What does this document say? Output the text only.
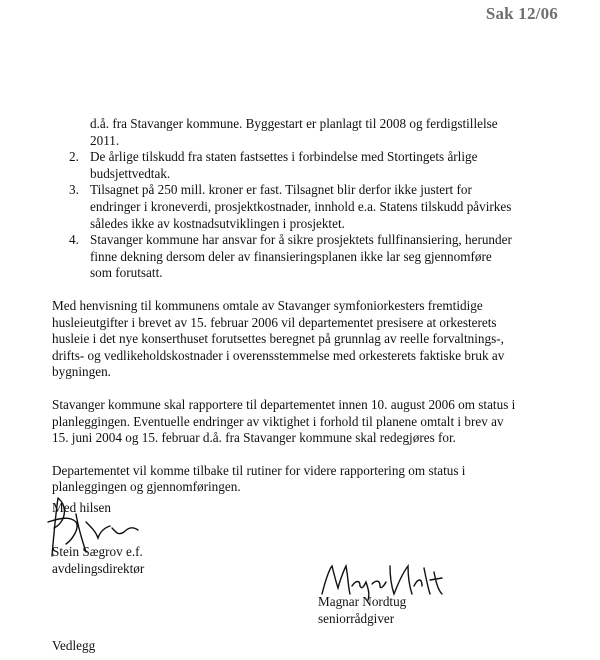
Sak 12/06
d.å. fra Stavanger kommune. Byggestart er planlagt til 2008 og ferdigstillelse
2011.
2. De årlige tilskudd fra staten fastsettes i forbindelse med Stortingets årlige
budsjettvedtak.
3. Tilsagnet på 250 mill. kroner er fast. Tilsagnet blir derfor ikke justert for
endringer i kroneverdi, prosjektkostnader, innhold e.a. Statens tilskudd påvirkes
således ikke av kostnadsutviklingen i prosjektet.
4. Stavanger kommune har ansvar for å sikre prosjektets fullfinansiering, herunder
finne dekning dersom deler av finansieringsplanen ikke lar seg gjennomføre
som forutsatt.
Med henvisning til kommunens omtale av Stavanger symfoniorkesters fremtidige
husleieutgifter i brevet av 15. februar 2006 vil departementet presisere at orkesterets
husleie i det nye konserthuset forutsettes beregnet på grunnlag av reelle forvaltnings-,
drifts- og vedlikeholdskostnader i overensstemmelse med orkesterets faktiske bruk av
bygningen.
Stavanger kommune skal rapportere til departementet innen 10. august 2006 om status i
planleggingen. Eventuelle endringer av viktighet i forhold til planene omtalt i brev av
15. juni 2004 og 15. februar d.å. fra Stavanger kommune skal redegjøres for.
Departementet vil komme tilbake til rutiner for videre rapportering om status i
planleggingen og gjennomføringen.
Med hilsen
Stein Sægrov e.f.
avdelingsdirektør
Magnar Nordtug
seniorrådgiver
Vedlegg
